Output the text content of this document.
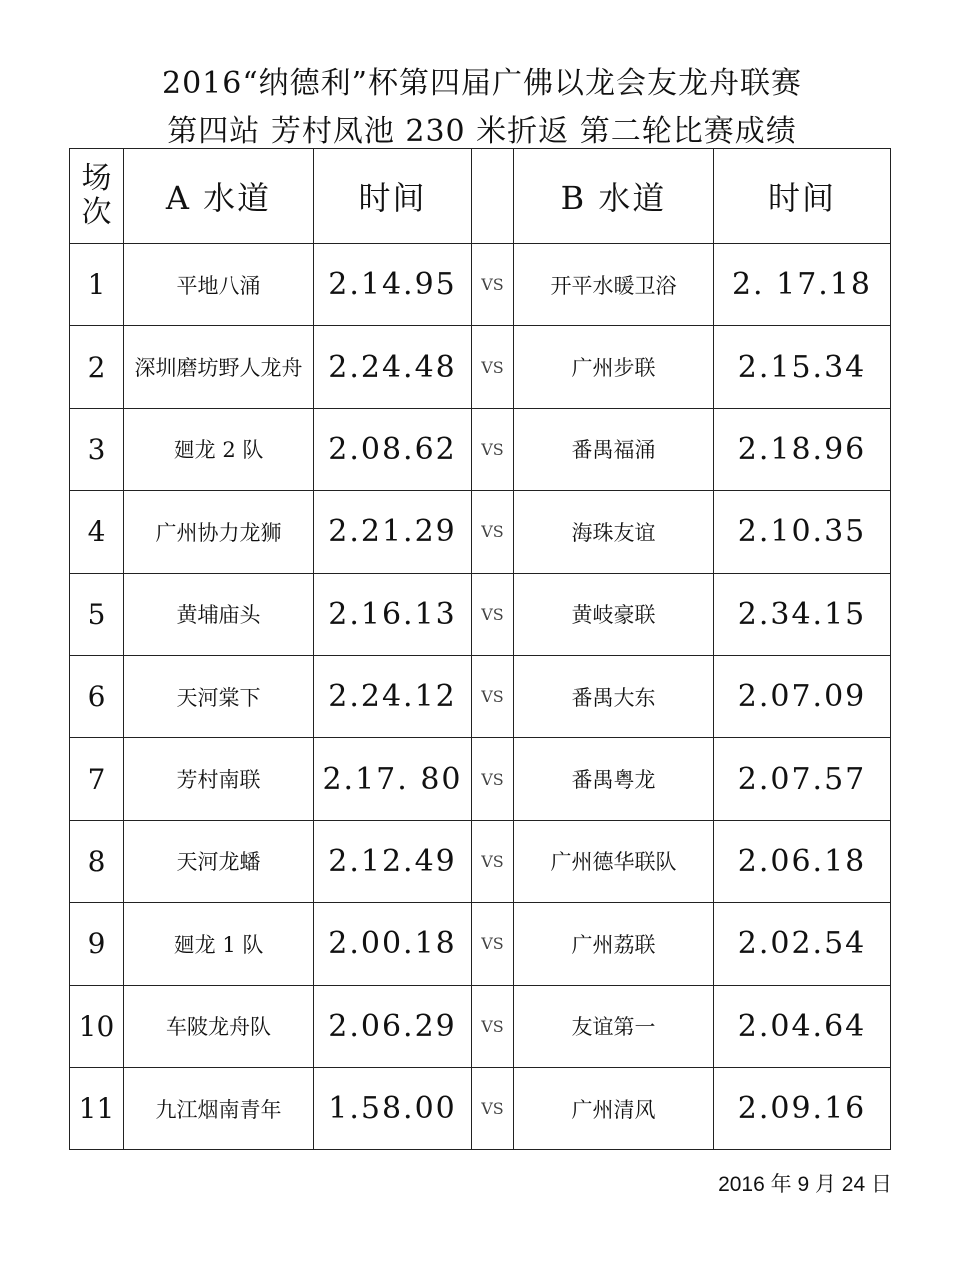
2016“纳德利”杯第四届广佛以龙会友龙舟联赛
第四站 芳村凤池 230 米折返 第二轮比赛成绩
场
次	A 水道	时间		B 水道	时间
1	平地八涌	2.14.95	VS	开平水暖卫浴	2. 17.18
2	深圳磨坊野人龙舟	2.24.48	VS	广州步联	2.15.34
3	廻龙 2 队	2.08.62	VS	番禺福涌	2.18.96
4	广州协力龙狮	2.21.29	VS	海珠友谊	2.10.35
5	黄埔庙头	2.16.13	VS	黄岐豪联	2.34.15
6	天河棠下	2.24.12	VS	番禺大东	2.07.09
7	芳村南联	2.17. 80	VS	番禺粤龙	2.07.57
8	天河龙蟠	2.12.49	VS	广州德华联队	2.06.18
9	廻龙 1 队	2.00.18	VS	广州荔联	2.02.54
10	车陂龙舟队	2.06.29	VS	友谊第一	2.04.64
11	九江烟南青年	1.58.00	VS	广州清风	2.09.16
2016 年 9 月 24 日
